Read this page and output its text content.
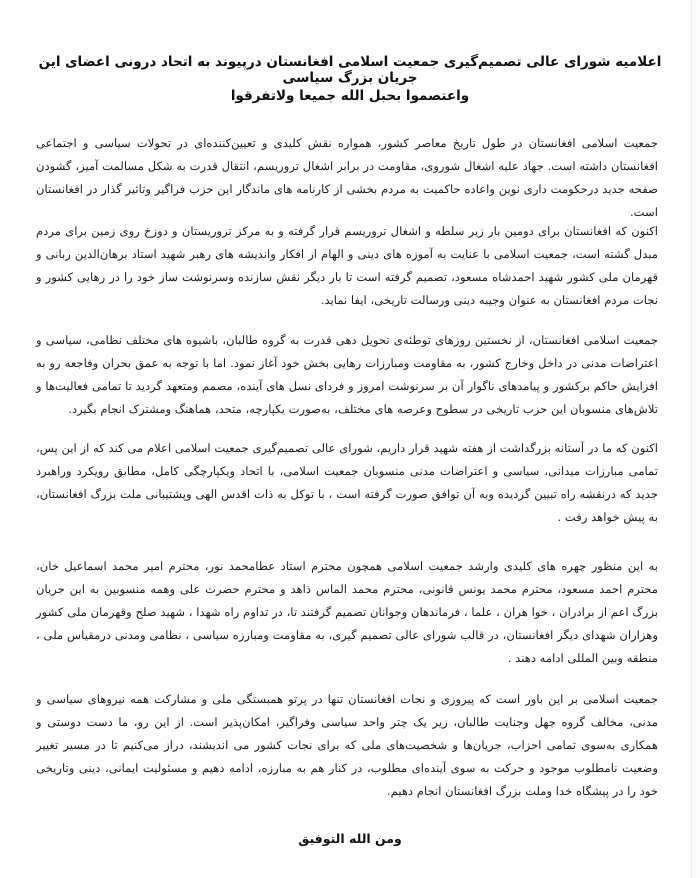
اعلامیه شورای عالی تصمیم‌گیری جمعیت اسلامی افغانستان درپیوند به اتحاد درونی اعضای این جریان بزرگ سیاسی
واعتصموا بحبل الله جمیعا ولاتفرقوا

جمعیت اسلامی افغانستان در طول تاریخ معاصر کشور، همواره نقش کلیدی و تعیین‌کننده‌ای در تحولات سیاسی و اجتماعی افغانستان داشته است. جهاد علیه اشغال شوروی، مقاومت در برابر اشغال تروریسم، انتقال قدرت به شکل مسالمت آمیز، گشودن صفحه جدید درحکومت داری نوین واعاده حاکمیت به مردم بخشی از کارنامه های ماندگار این حزب فراگیر وتاثیر گذار در افغانستان است.

اکنون که افغانستان برای دومین بار زیر سلطه و اشغال تروریسم قرار گرفته و به مرکز تروریستان و دوزخ روی زمین برای مردم مبدل گشته است، جمعیت اسلامی با عنایت به آموزه های دینی و الهام از افکار واندیشه های رهبر شهید استاد برهان‌الدین ربانی و قهرمان ملی کشور شهید احمدشاه مسعود، تصمیم گرفته است تا بار دیگر نقش سازنده وسرنوشت ساز خود را در رهایی کشور و نجات مردم افغانستان به عنوان وجیبه دینی ورسالت تاریخی، ایفا نماید.

جمعیت اسلامی افغانستان، از نخستین روزهای توطئه‌ی تحویل دهی قدرت به گروه طالبان، باشیوه های مختلف نظامی، سیاسی و اعتراضات مدنی در داخل وخارج کشور، به مقاومت ومبارزات رهایی بخش خود آغاز نمود. اما با توجه به عمق بحران وفاجعه رو به افزایش حاکم برکشور و پیامدهای ناگوار آن بر سرنوشت امروز و فردای نسل های آینده، مصمم ومتعهد گردید تا تمامی فعالیت‌ها و تلاش‌های منسوبان این حزب تاریخی در سطوح وعرصه های مختلف، به‌صورت یکپارچه، متحد، هماهنگ ومشترک انجام بگیرد.

اکنون که ما در آستانه بزرگداشت از هفته شهید قرار داریم، شورای عالی تصمیم‌گیری جمعیت اسلامی اعلام می کند که از این پس، تمامی مبارزات میدانی، سیاسی و اعتراضات مدنی منسوبان جمعیت اسلامی، با اتحاد ویکپارچگی کامل، مطابق رویکرد وراهبرد جدید که درنقشه راه تبیین گردیده وبه آن توافق صورت گرفته است ، با توکل به ذات اقدس الهی وپشتیبانی ملت بزرگ افغانستان، به پیش خواهد رفت .

به این منظور چهره های کلیدی وارشد جمعیت اسلامی همچون محترم استاد عطامحمد نور، محترم امیر محمد اسماعیل خان، محترم احمد مسعود، محترم محمد یونس قانونی، محترم محمد الماس ذاهد و محترم حضرت علی وهمه منسوبین به این جریان بزرگ اعم از برادران ، خوا هران ، علما ، فرماندهان وجوانان تصمیم گرفتند تا، در تداوم راه شهدا ، شهید صلح وقهرمان ملی کشور وهزاران شهدای دیگر افغانستان، در قالب شورای عالی تصمیم گیری، به مقاومت ومبارزه سیاسی ، نظامی ومدنی درمقیاس ملی ، منطقه وبین المللی ادامه دهند .

جمعیت اسلامی بر این باور است که پیروزی و نجات افغانستان تنها در پرتو همبستگی ملی و مشارکت همه نیروهای سیاسی و مدنی، مخالف گروه جهل وجنایت طالبان، زیر یک چتر واحد سیاسی وفراگیر، امکان‌پذیر است. از این رو، ما دست دوستی و همکاری به‌سوی تمامی احزاب، جریان‌ها و شخصیت‌های ملی که برای نجات کشور می اندیشند، دراز می‌کنیم تا در مسیر تغییر وضعیت نامطلوب موجود و حرکت به سوی آینده‌ای مطلوب، در کنار هم به مبارزه، ادامه دهیم و مسئولیت ایمانی، دینی وتاریخی خود را در پیشگاه خدا وملت بزرگ افغانستان انجام دهیم.

ومن الله التوفیق
